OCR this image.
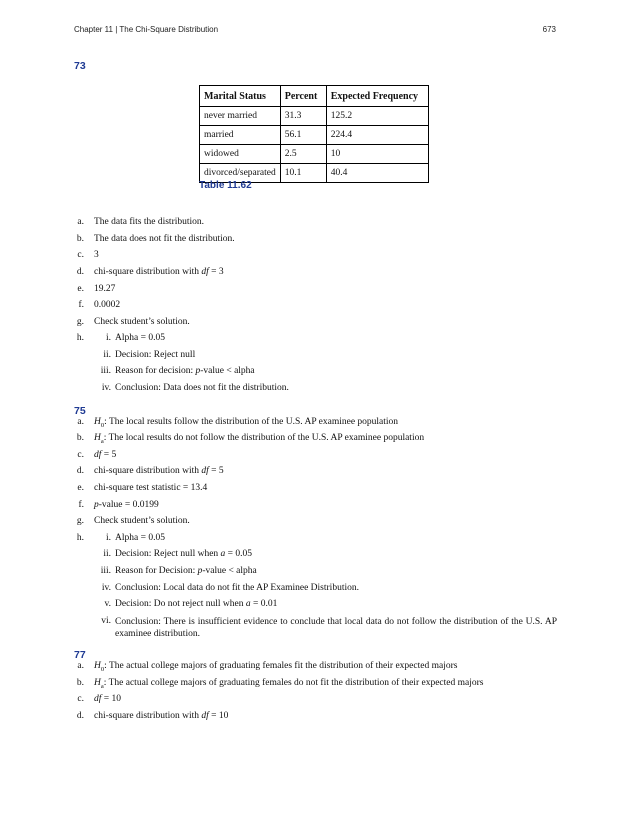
Chapter 11 | The Chi-Square Distribution	673
73
Marital Status	Percent	Expected Frequency
never married	31.3	125.2
married	56.1	224.4
widowed	2.5	10
divorced/separated	10.1	40.4
Table 11.62
a. The data fits the distribution.
b. The data does not fit the distribution.
c. 3
d. chi-square distribution with df = 3
e. 19.27
f. 0.0002
g. Check student’s solution.
h.	i. Alpha = 0.05
ii. Decision: Reject null
iii. Reason for decision: p-value < alpha
iv. Conclusion: Data does not fit the distribution.
75
a. $H_0$: The local results follow the distribution of the U.S. AP examinee population
b. $H_a$: The local results do not follow the distribution of the U.S. AP examinee population
c. df = 5
d. chi-square distribution with df = 5
e. chi-square test statistic = 13.4
f. p-value = 0.0199
g. Check student’s solution.
h.	i. Alpha = 0.05
ii. Decision: Reject null when a = 0.05
iii. Reason for Decision: p-value < alpha
iv. Conclusion: Local data do not fit the AP Examinee Distribution.
v. Decision: Do not reject null when a = 0.01
vi. Conclusion: There is insufficient evidence to conclude that local data do not follow the distribution of the U.S. AP examinee distribution.
77
a. $H_0$: The actual college majors of graduating females fit the distribution of their expected majors
b. $H_a$: The actual college majors of graduating females do not fit the distribution of their expected majors
c. df = 10
d. chi-square distribution with df = 10
